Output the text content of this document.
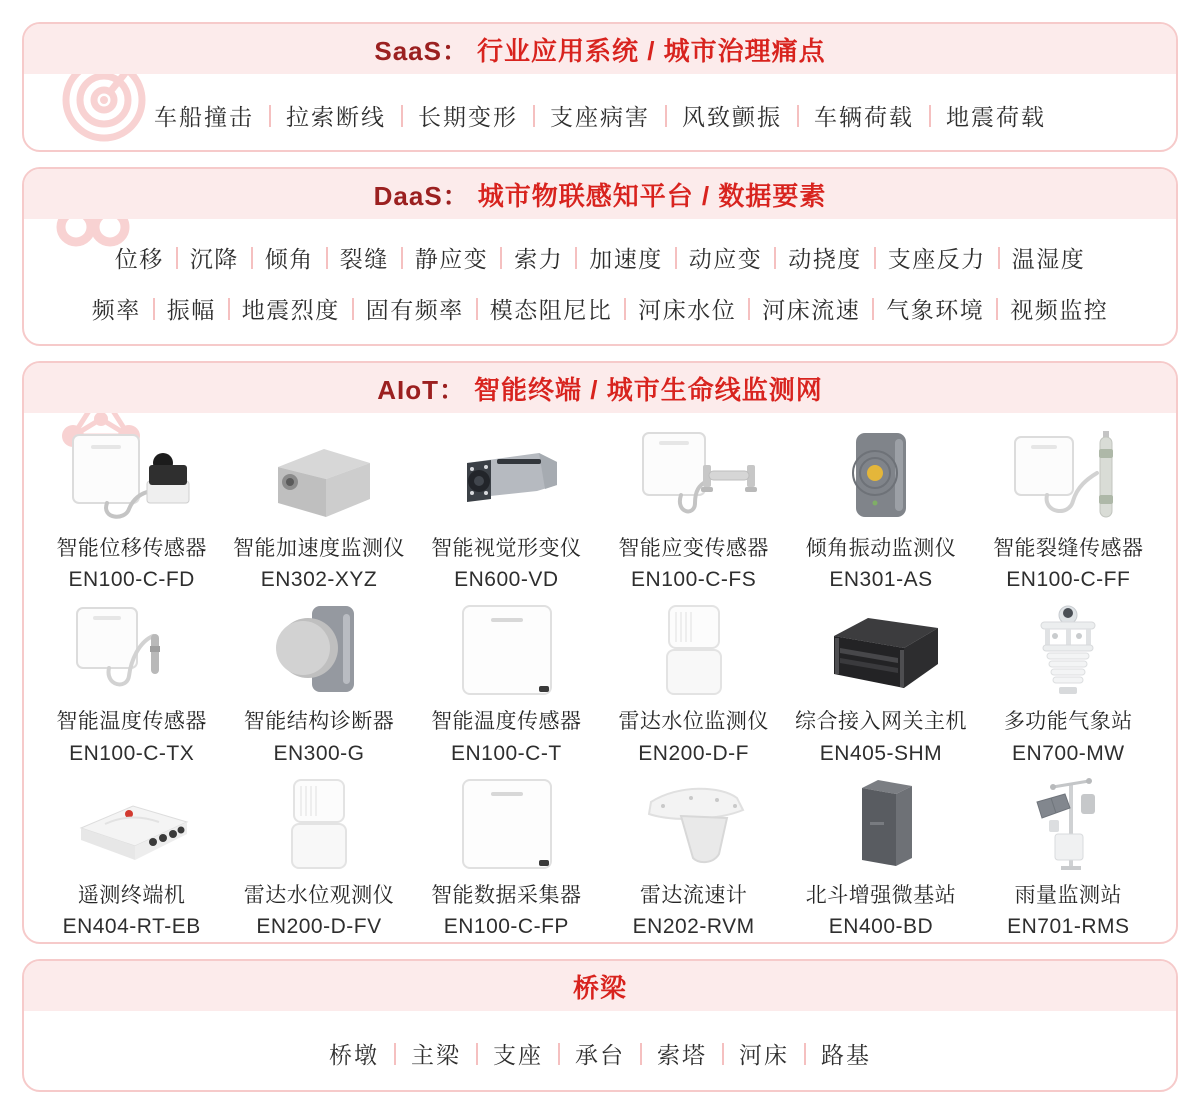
SaaS： 行业应用系统 / 城市治理痛点
车船撞击	拉索断线	长期变形	支座病害	风致颤振	车辆荷载	地震荷载
DaaS： 城市物联感知平台 / 数据要素
位移	沉降	倾角	裂缝	静应变	索力	加速度	动应变	动挠度	支座反力	温湿度
频率	振幅	地震烈度	固有频率	模态阻尼比	河床水位	河床流速	气象环境	视频监控
AIoT： 智能终端 / 城市生命线监测网
智能位移传感器
EN100-C-FD
智能加速度监测仪
EN302-XYZ
智能视觉形变仪
EN600-VD
智能应变传感器
EN100-C-FS
倾角振动监测仪
EN301-AS
智能裂缝传感器
EN100-C-FF
智能温度传感器
EN100-C-TX
智能结构诊断器
EN300-G
智能温度传感器
EN100-C-T
雷达水位监测仪
EN200-D-F
综合接入网关主机
EN405-SHM
多功能气象站
EN700-MW
遥测终端机
EN404-RT-EB
雷达水位观测仪
EN200-D-FV
智能数据采集器
EN100-C-FP
雷达流速计
EN202-RVM
北斗增强微基站
EN400-BD
雨量监测站
EN701-RMS
桥梁
桥墩	主梁	支座	承台	索塔	河床	路基
